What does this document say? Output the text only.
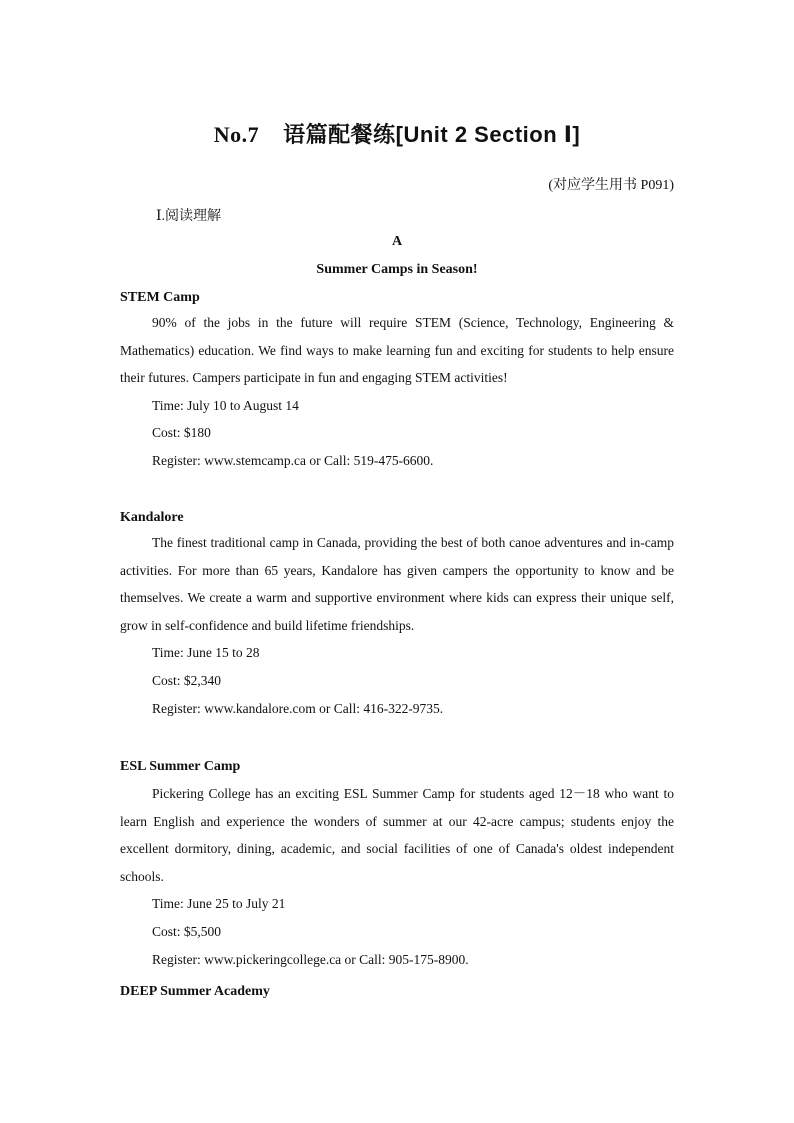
No.7 语篇配餐练[Unit 2 Section Ⅰ]
(对应学生用书 P091)
Ⅰ.阅读理解
A
Summer Camps in Season!
STEM Camp
90% of the jobs in the future will require STEM (Science, Technology, Engineering & Mathematics) education. We find ways to make learning fun and exciting for students to help ensure their futures. Campers participate in fun and engaging STEM activities!
Time: July 10 to August 14
Cost: $180
Register: www.stemcamp.ca or Call: 519-475-6600.
Kandalore
The finest traditional camp in Canada, providing the best of both canoe adventures and in-camp activities. For more than 65 years, Kandalore has given campers the opportunity to know and be themselves. We create a warm and supportive environment where kids can express their unique self, grow in self-confidence and build lifetime friendships.
Time: June 15 to 28
Cost: $2,340
Register: www.kandalore.com or Call: 416-322-9735.
ESL Summer Camp
Pickering College has an exciting ESL Summer Camp for students aged 12－18 who want to learn English and experience the wonders of summer at our 42-acre campus; students enjoy the excellent dormitory, dining, academic, and social facilities of one of Canada's oldest independent schools.
Time: June 25 to July 21
Cost: $5,500
Register: www.pickeringcollege.ca or Call: 905-175-8900.
DEEP Summer Academy
